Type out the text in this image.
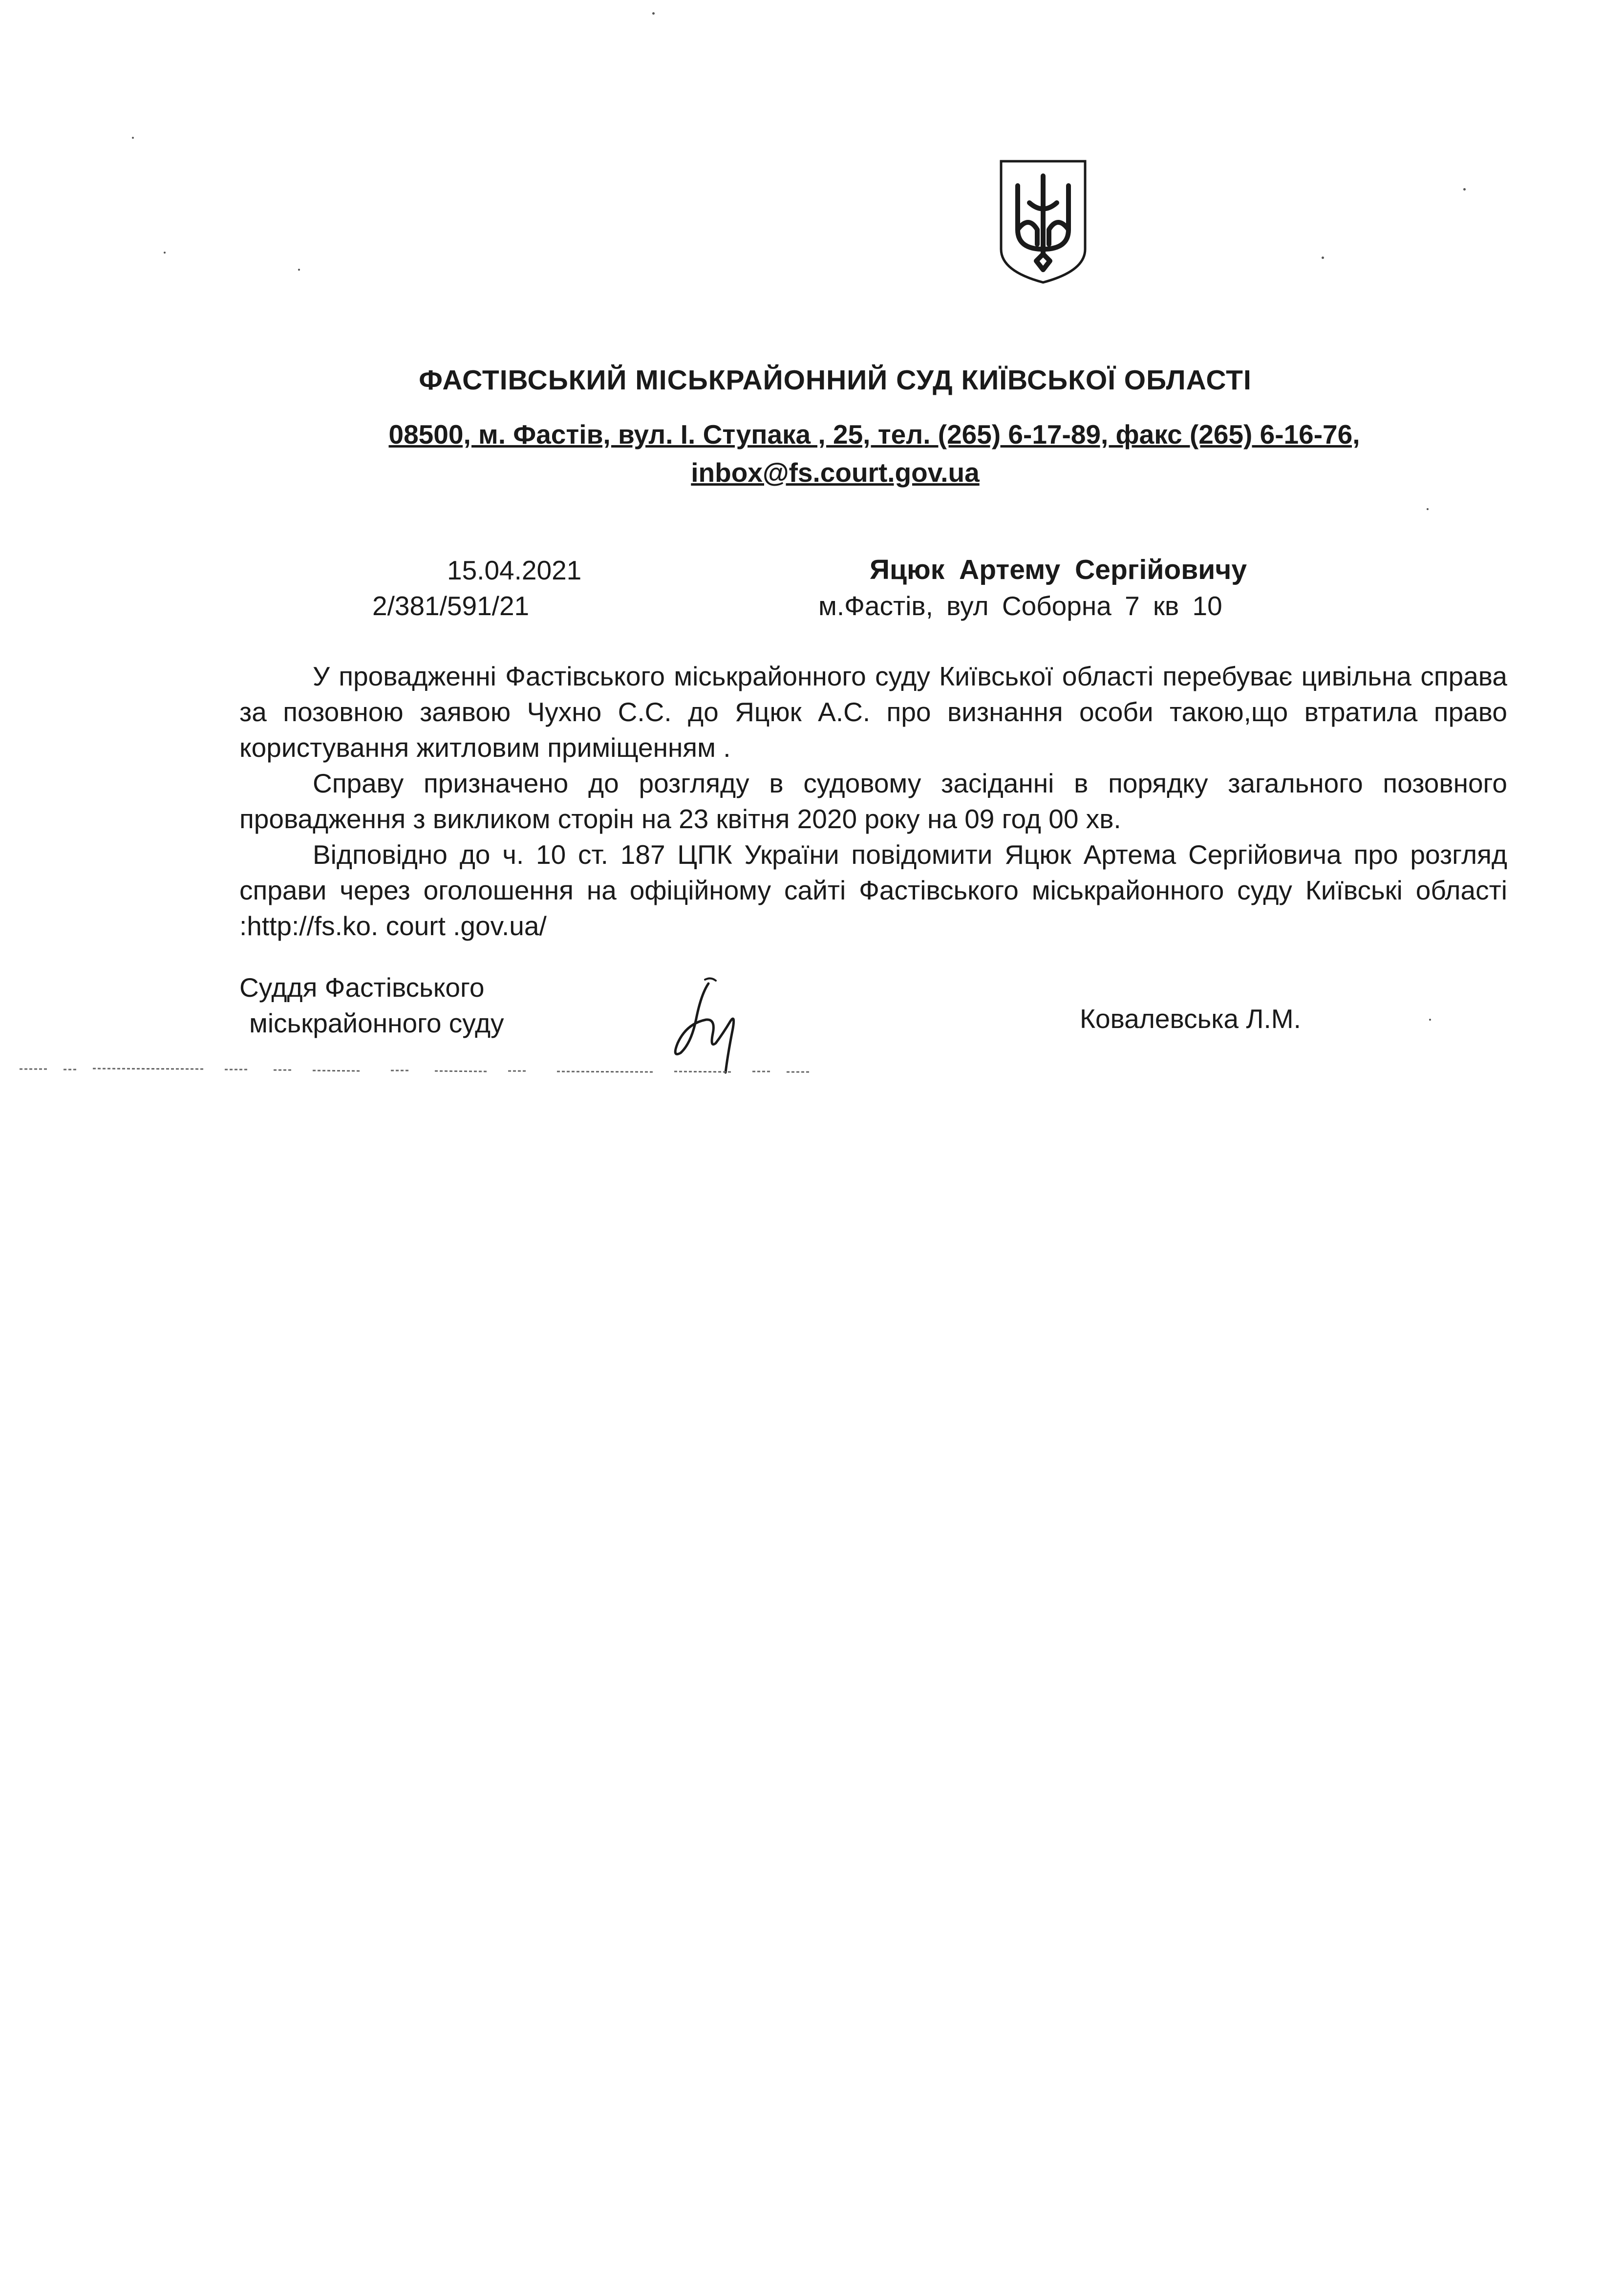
ФАСТІВСЬКИЙ МІСЬКРАЙОННИЙ СУД КИЇВСЬКОЇ ОБЛАСТІ
08500, м. Фастів, вул. І. Ступака , 25, тел. (265) 6-17-89, факс (265) 6-16-76,
inbox@fs.court.gov.ua
15.04.2021
2/381/591/21
Яцюк Артему Сергійовичу
м.Фастів, вул Соборна 7 кв 10

У провадженні Фастівського міськрайонного суду Київської області перебуває цивільна справа за позовною заявою Чухно С.С. до Яцюк А.С. про визнання особи такою,що втратила право користування житловим приміщенням .

Справу призначено до розгляду в судовому засіданні в порядку загального позовного провадження з викликом сторін на 23 квітня 2020 року на 09 год 00 хв.

Відповідно до ч. 10 ст. 187 ЦПК України повідомити Яцюк Артема Сергійовича про розгляд справи через оголошення на офіційному сайті Фастівського міськрайонного суду Київські області :http://fs.ko. court .gov.ua/

Суддя Фастівського
міськрайонного суду	Ковалевська Л.М.
